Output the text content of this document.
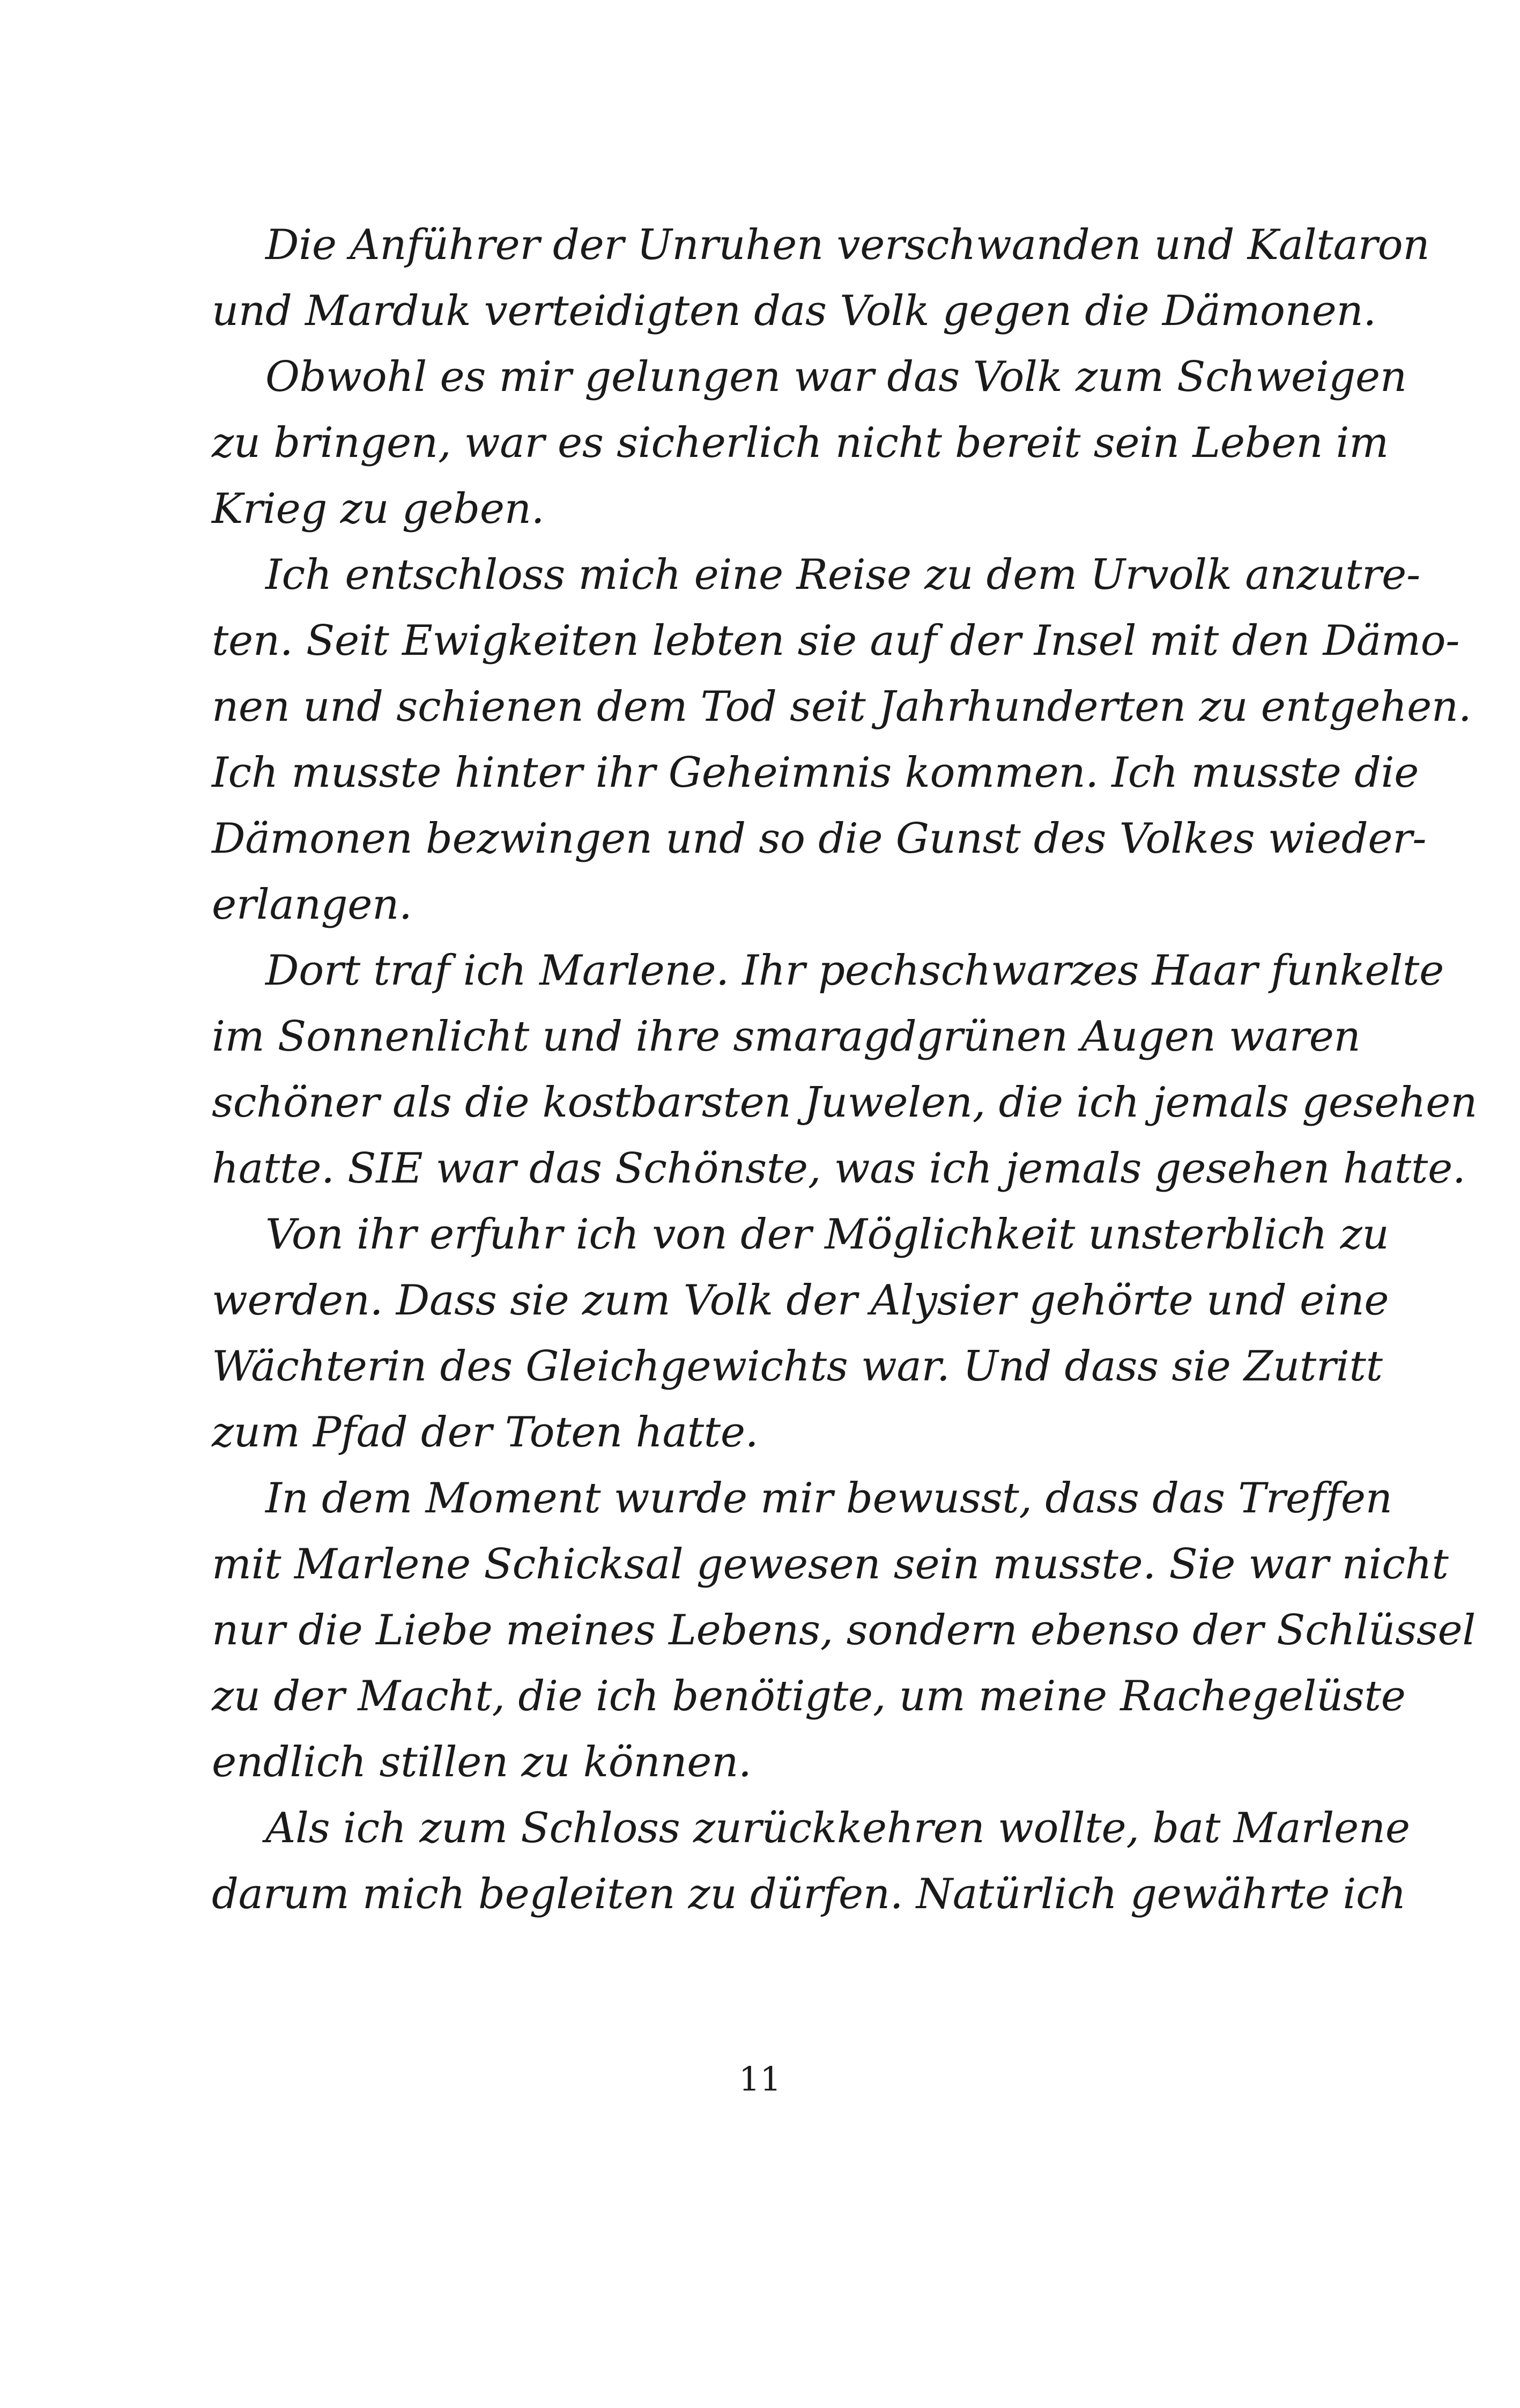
Die Anführer der Unruhen verschwanden und Kaltaron
und Marduk verteidigten das Volk gegen die Dämonen.
Obwohl es mir gelungen war das Volk zum Schweigen
zu bringen, war es sicherlich nicht bereit sein Leben im
Krieg zu geben.
Ich entschloss mich eine Reise zu dem Urvolk anzutre-
ten. Seit Ewigkeiten lebten sie auf der Insel mit den Dämo-
nen und schienen dem Tod seit Jahrhunderten zu entgehen.
Ich musste hinter ihr Geheimnis kommen. Ich musste die
Dämonen bezwingen und so die Gunst des Volkes wieder-
erlangen.
Dort traf ich Marlene. Ihr pechschwarzes Haar funkelte
im Sonnenlicht und ihre smaragdgrünen Augen waren
schöner als die kostbarsten Juwelen, die ich jemals gesehen
hatte. SIE war das Schönste, was ich jemals gesehen hatte.
Von ihr erfuhr ich von der Möglichkeit unsterblich zu
werden. Dass sie zum Volk der Alysier gehörte und eine
Wächterin des Gleichgewichts war. Und dass sie Zutritt
zum Pfad der Toten hatte.
In dem Moment wurde mir bewusst, dass das Treffen
mit Marlene Schicksal gewesen sein musste. Sie war nicht
nur die Liebe meines Lebens, sondern ebenso der Schlüssel
zu der Macht, die ich benötigte, um meine Rachegelüste
endlich stillen zu können.
Als ich zum Schloss zurückkehren wollte, bat Marlene
darum mich begleiten zu dürfen. Natürlich gewährte ich
11
